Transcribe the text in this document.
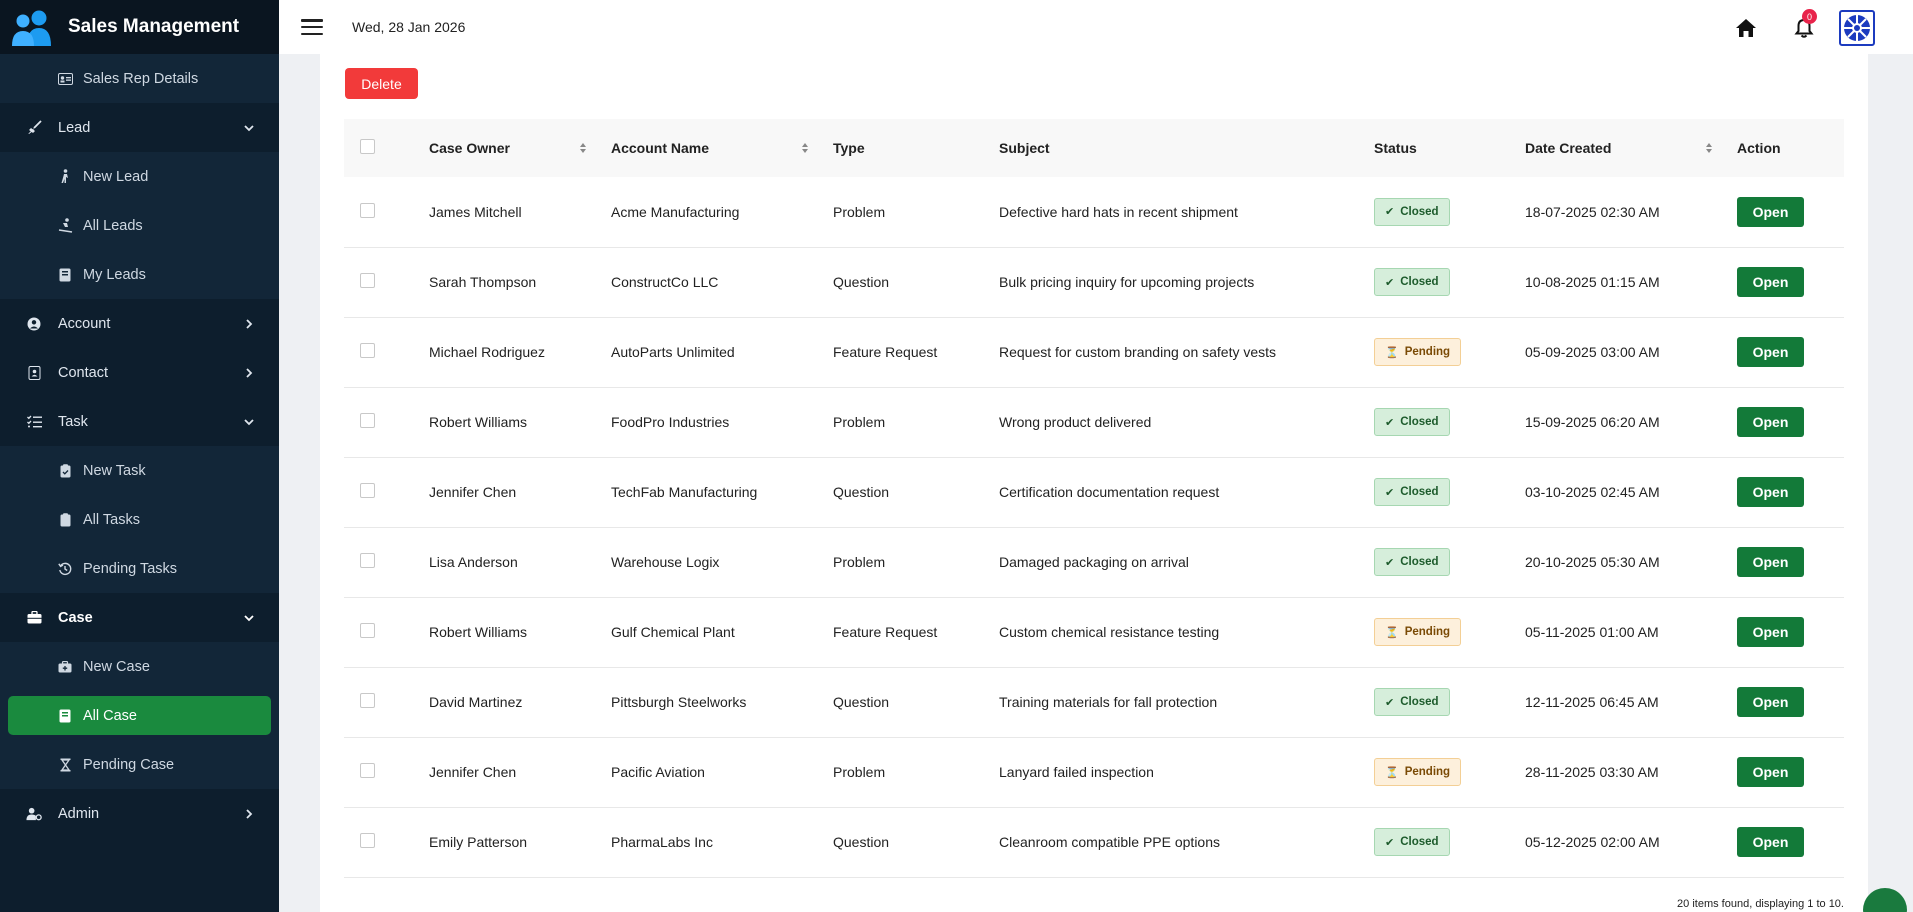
Sales Management
Sales Rep Details
Lead
New Lead
All Leads
My Leads
Account
Contact
Task
New Task
All Tasks
Pending Tasks
Case
New Case
All Case
Pending Case
Admin
Wed, 28 Jan 2026
0
Delete

	Case Owner	Account Name	Type	Subject	Status	Date Created	Action
	James Mitchell	Acme Manufacturing	Problem	Defective hard hats in recent shipment	✔ Closed	18-07-2025 02:30 AM	Open
	Sarah Thompson	ConstructCo LLC	Question	Bulk pricing inquiry for upcoming projects	✔ Closed	10-08-2025 01:15 AM	Open
	Michael Rodriguez	AutoParts Unlimited	Feature Request	Request for custom branding on safety vests	⏳ Pending	05-09-2025 03:00 AM	Open
	Robert Williams	FoodPro Industries	Problem	Wrong product delivered	✔ Closed	15-09-2025 06:20 AM	Open
	Jennifer Chen	TechFab Manufacturing	Question	Certification documentation request	✔ Closed	03-10-2025 02:45 AM	Open
	Lisa Anderson	Warehouse Logix	Problem	Damaged packaging on arrival	✔ Closed	20-10-2025 05:30 AM	Open
	Robert Williams	Gulf Chemical Plant	Feature Request	Custom chemical resistance testing	⏳ Pending	05-11-2025 01:00 AM	Open
	David Martinez	Pittsburgh Steelworks	Question	Training materials for fall protection	✔ Closed	12-11-2025 06:45 AM	Open
	Jennifer Chen	Pacific Aviation	Problem	Lanyard failed inspection	⏳ Pending	28-11-2025 03:30 AM	Open
	Emily Patterson	PharmaLabs Inc	Question	Cleanroom compatible PPE options	✔ Closed	05-12-2025 02:00 AM	Open
20 items found, displaying 1 to 10.
